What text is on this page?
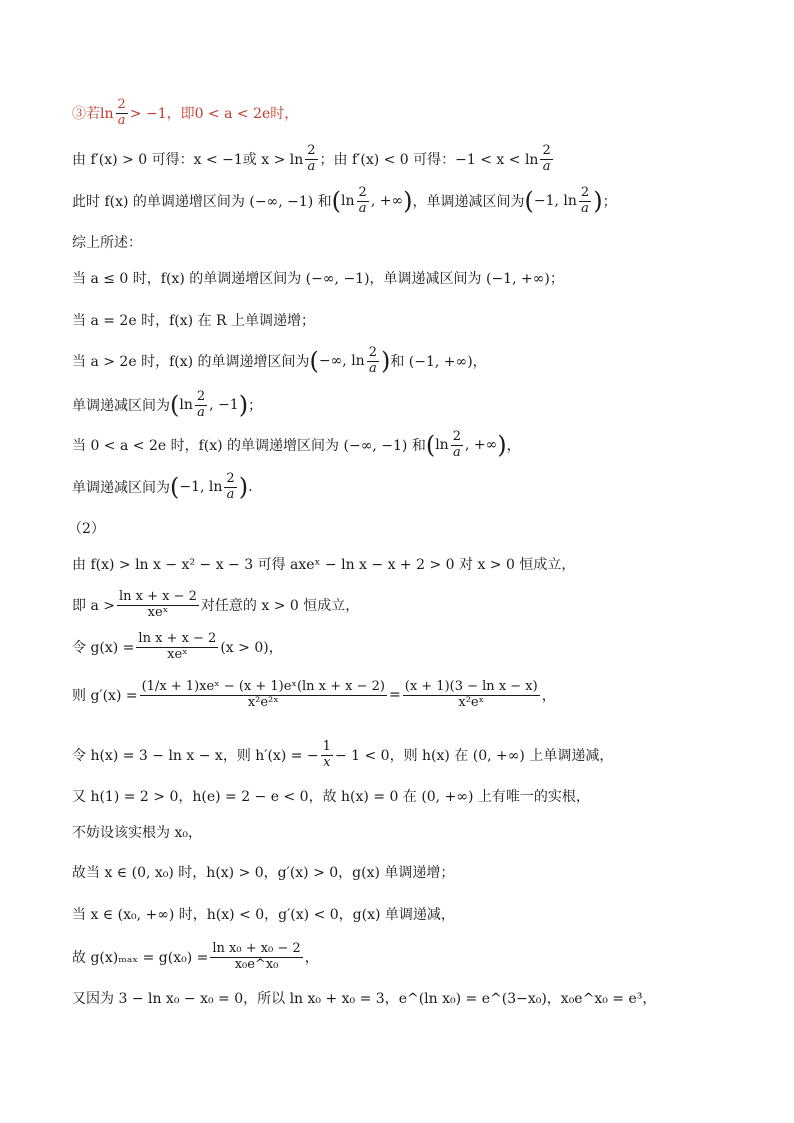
③若$\ln \frac{2}{a} > -1$，即0 < a < 2e时，
由 f′(x) > 0 可得：x < −1或 $x > \ln \frac{2}{a}$ ；由 f′(x) < 0 可得：$-1 < x < \ln \frac{2}{a}$
此时 f(x) 的单调递增区间为 (−∞, −1) 和 ( $\ln \frac{2}{a}$ , +∞ ) ，单调递减区间为 ( −1, $\ln \frac{2}{a}$ ) ；
综上所述：
当 a ≤ 0 时，f(x) 的单调递增区间为 (−∞, −1)，单调递减区间为 (−1, +∞)；
当 a = 2e 时，f(x) 在 R 上单调递增；
当 a > 2e 时，f(x) 的单调递增区间为 ( −∞, $\ln \frac{2}{a}$ ) 和 (−1, +∞)，
单调递减区间为 ( $\ln \frac{2}{a}$ , −1 ) ；
当 0 < a < 2e 时，f(x) 的单调递增区间为 (−∞, −1) 和 ( $\ln \frac{2}{a}$ , +∞ ) ，
单调递减区间为 ( −1, $\ln \frac{2}{a}$ ) .
（2）
由 f(x) > ln x − x² − x − 3 可得 axeˣ − ln x − x + 2 > 0 对 x > 0 恒成立，
即 $a > \frac{\text{ln x + x − 2}}{\text{xeˣ}}$ 对任意的 x > 0 恒成立，
令 $g(x) = \frac{\text{ln x + x − 2}}{\text{xeˣ}} (x > 0)$，
则 $g'(x) = \frac{\text{(1/x + 1)xeˣ − (x + 1)eˣ(ln x + x − 2)}}{\text{x²e²ˣ}} = \frac{\text{(x + 1)(3 − ln x − x)}}{\text{x²eˣ}}$ ，
令 h(x) = 3 − ln x − x，则 h′(x) = − $\frac{1}{x} - 1 < 0$，则 h(x) 在 (0, +∞) 上单调递减，
又 h(1) = 2 > 0，h(e) = 2 − e < 0，故 h(x) = 0 在 (0, +∞) 上有唯一的实根，
不妨设该实根为 x₀，
故当 x ∈ (0, x₀) 时，h(x) > 0，g′(x) > 0，g(x) 单调递增；
当 x ∈ (x₀, +∞) 时，h(x) < 0，g′(x) < 0，g(x) 单调递减，
故 $g(x)_{max} = g(x_0) = \frac{\text{ln x₀ + x₀ − 2}}{\text{x₀e\textasciicircum{}x₀}}$ ，
又因为 3 − ln x₀ − x₀ = 0，所以 ln x₀ + x₀ = 3，e^(ln x₀) = e^(3−x₀)，x₀e^x₀ = e³，
